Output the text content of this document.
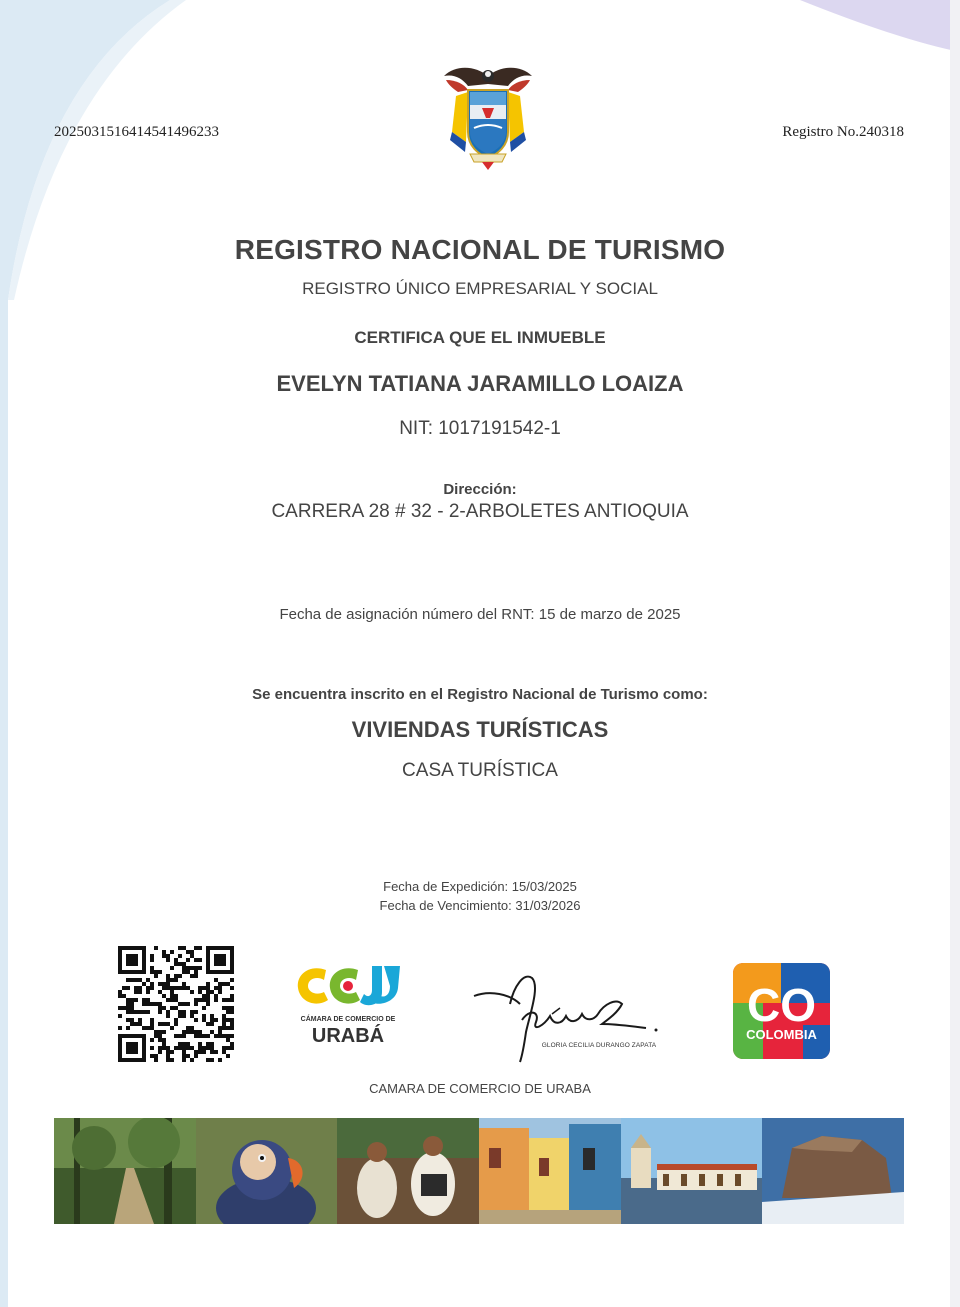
20250315164145414962​33	Registro No.240318
REGISTRO NACIONAL DE TURISMO
REGISTRO ÚNICO EMPRESARIAL Y SOCIAL
CERTIFICA QUE EL INMUEBLE
EVELYN TATIANA JARAMILLO LOAIZA
NIT: 1017191542-1
Dirección:
CARRERA 28 # 32 - 2-ARBOLETES ANTIOQUIA
Fecha de asignación número del RNT: 15 de marzo de 2025
Se encuentra inscrito en el Registro Nacional de Turismo como:
VIVIENDAS TURÍSTICAS
CASA TURÍSTICA
Fecha de Expedición: 15/03/2025
Fecha de Vencimiento: 31/03/2026
CÁMARA DE COMERCIO DE
URABÁ	GLORIA CECILIA DURANGO ZAPATA
CO
COLOMBIA
CAMARA DE COMERCIO DE URABA
